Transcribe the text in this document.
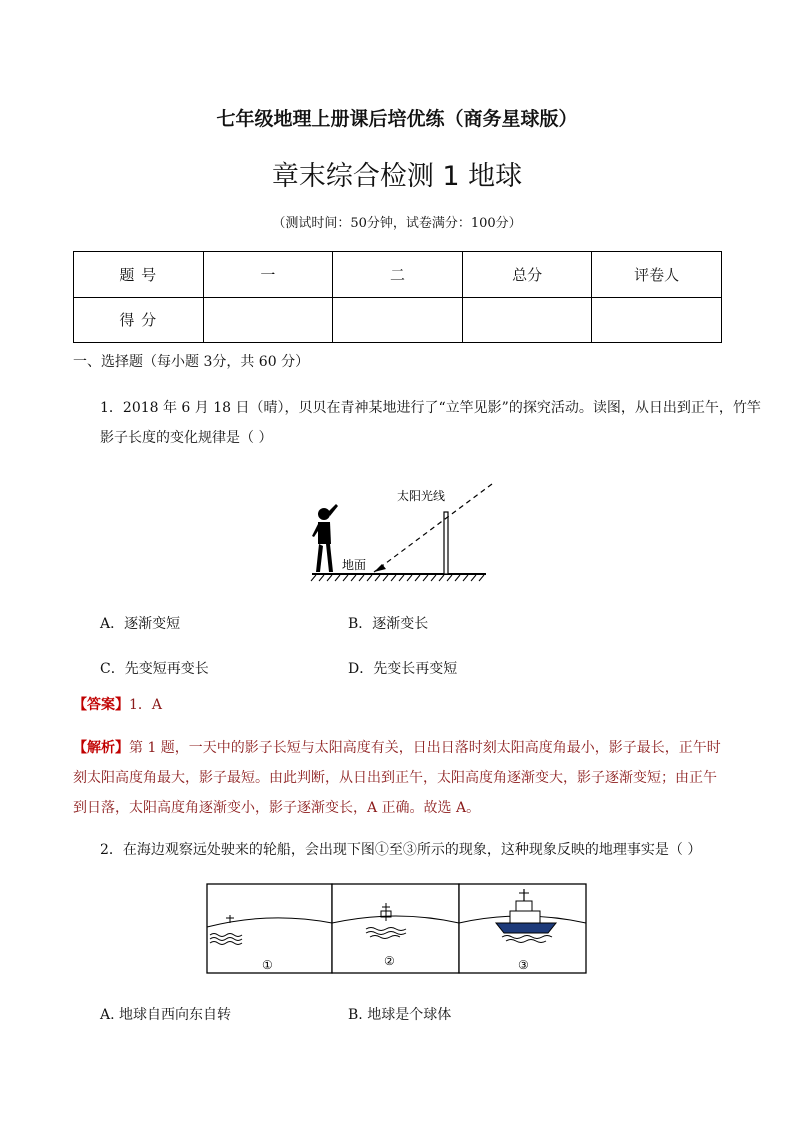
七年级地理上册课后培优练（商务星球版）
章末综合检测 1 地球
（测试时间：50分钟，试卷满分：100分）
题 号	一	二	总分	评卷人
得 分				
一、选择题（每小题 3分，共 60 分）
1．2018 年 6 月 18 日（晴），贝贝在青神某地进行了“立竿见影”的探究活动。读图，从日出到正午，竹竿
影子长度的变化规律是（ ）
太阳光线
地面
A．逐渐变短	B．逐渐变长
C．先变短再变长	D．先变长再变短
【答案】1．A
【解析】第 1 题，一天中的影子长短与太阳高度有关，日出日落时刻太阳高度角最小，影子最长，正午时
刻太阳高度角最大，影子最短。由此判断，从日出到正午，太阳高度角逐渐变大，影子逐渐变短；由正午
到日落，太阳高度角逐渐变小，影子逐渐变长，A 正确。故选 A。
2．在海边观察远处驶来的轮船，会出现下图①至③所示的现象，这种现象反映的地理事实是（ ）
①	②	③
A. 地球自西向东自转	B. 地球是个球体
